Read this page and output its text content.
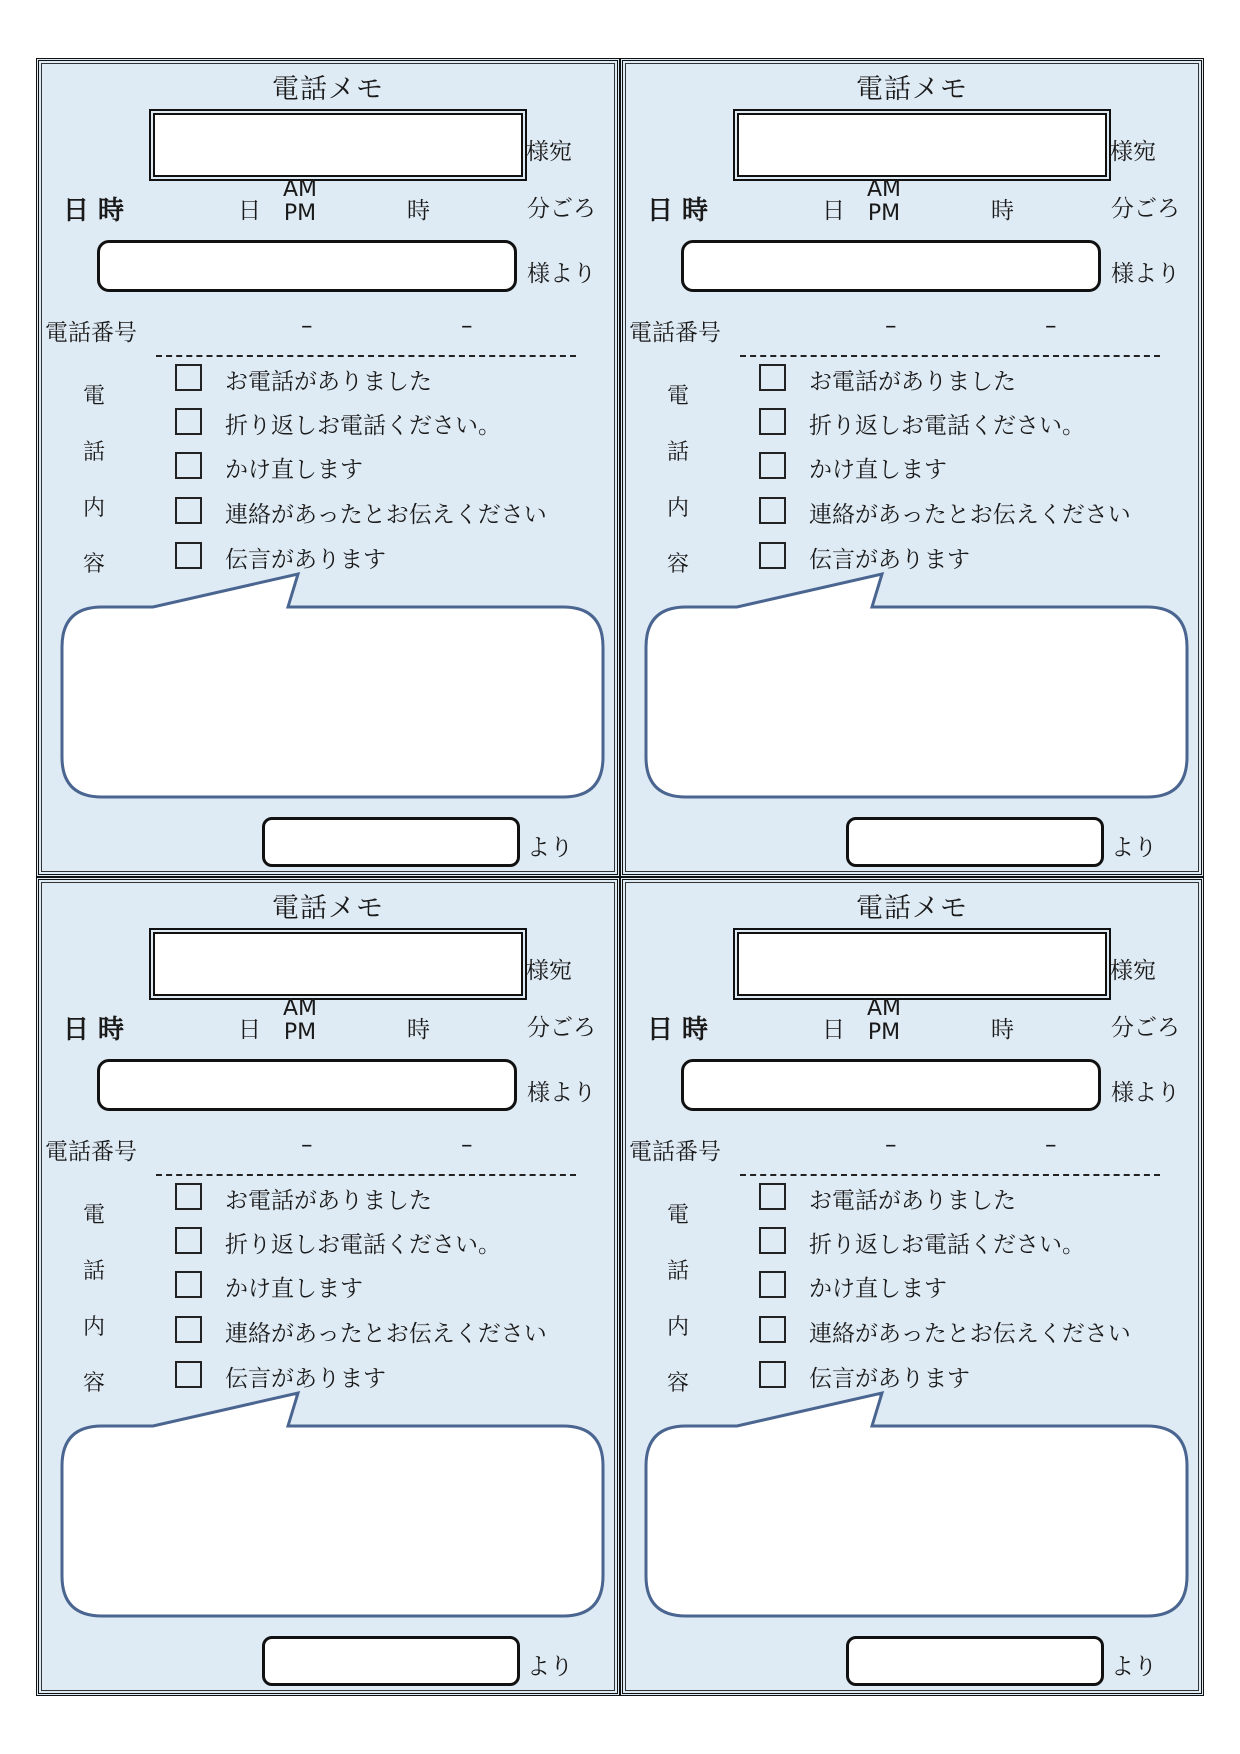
電話メモ
様宛
日 時	日
AM
PM	時	分ごろ
様より
電話番号	–	–
電
話
内
容
お電話がありました
折り返しお電話ください。
かけ直します
連絡があったとお伝えください
伝言があります
より
電話メモ
様宛
日 時	日
AM
PM	時	分ごろ
様より
電話番号	–	–
電
話
内
容
お電話がありました
折り返しお電話ください。
かけ直します
連絡があったとお伝えください
伝言があります
より
電話メモ
様宛
日 時	日
AM
PM	時	分ごろ
様より
電話番号	–	–
電
話
内
容
お電話がありました
折り返しお電話ください。
かけ直します
連絡があったとお伝えください
伝言があります
より
電話メモ
様宛
日 時	日
AM
PM	時	分ごろ
様より
電話番号	–	–
電
話
内
容
お電話がありました
折り返しお電話ください。
かけ直します
連絡があったとお伝えください
伝言があります
より
